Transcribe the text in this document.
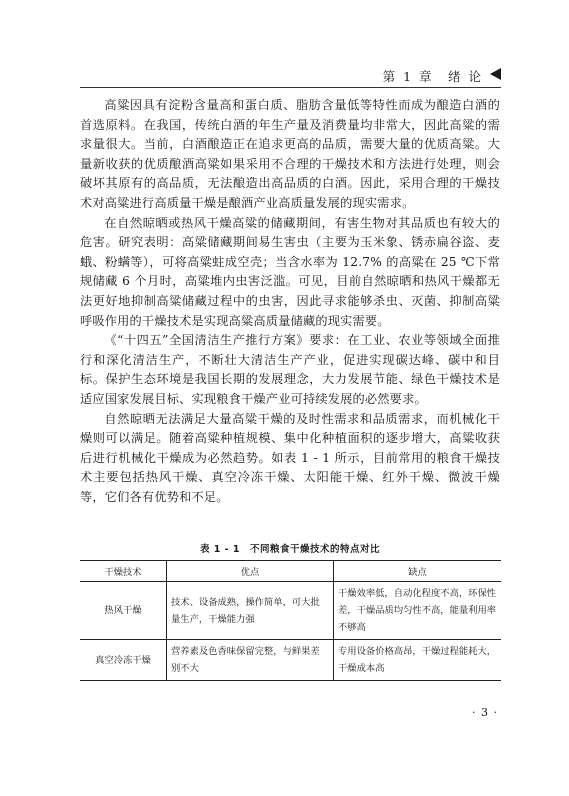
第 1 章　绪 论

高粱因具有淀粉含量高和蛋白质、脂肪含量低等特性而成为酿造白酒的首选原料。在我国，传统白酒的年生产量及消费量均非常大，因此高粱的需求量很大。当前，白酒酿造正在追求更高的品质，需要大量的优质高粱。大量新收获的优质酿酒高粱如果采用不合理的干燥技术和方法进行处理，则会破坏其原有的高品质，无法酿造出高品质的白酒。因此，采用合理的干燥技术对高粱进行高质量干燥是酿酒产业高质量发展的现实需求。

在自然晾晒或热风干燥高粱的储藏期间，有害生物对其品质也有较大的危害。研究表明：高粱储藏期间易生害虫（主要为玉米象、锈赤扁谷盗、麦蛾、粉螨等），可将高粱蛀成空壳；当含水率为 12.7% 的高粱在 25 ℃下常规储藏 6 个月时，高粱堆内虫害泛滥。可见，目前自然晾晒和热风干燥都无法更好地抑制高粱储藏过程中的虫害，因此寻求能够杀虫、灭菌、抑制高粱呼吸作用的干燥技术是实现高粱高质量储藏的现实需要。

《“十四五”全国清洁生产推行方案》要求：在工业、农业等领域全面推行和深化清洁生产，不断壮大清洁生产产业，促进实现碳达峰、碳中和目标。保护生态环境是我国长期的发展理念，大力发展节能、绿色干燥技术是适应国家发展目标、实现粮食干燥产业可持续发展的必然要求。

自然晾晒无法满足大量高粱干燥的及时性需求和品质需求，而机械化干燥则可以满足。随着高粱种植规模、集中化种植面积的逐步增大，高粱收获后进行机械化干燥成为必然趋势。如表 1 - 1 所示，目前常用的粮食干燥技术主要包括热风干燥、真空冷冻干燥、太阳能干燥、红外干燥、微波干燥等，它们各有优势和不足。

表 1 - 1　不同粮食干燥技术的特点对比
干燥技术	优点	缺点
热风干燥	技术、设备成熟，操作简单，可大批量生产，干燥能力强	干燥效率低，自动化程度不高，环保性差，干燥品质均匀性不高，能量利用率不够高
真空冷冻干燥	营养素及色香味保留完整，与鲜果差别不大	专用设备价格高昂，干燥过程能耗大，干燥成本高
· 3 ·
